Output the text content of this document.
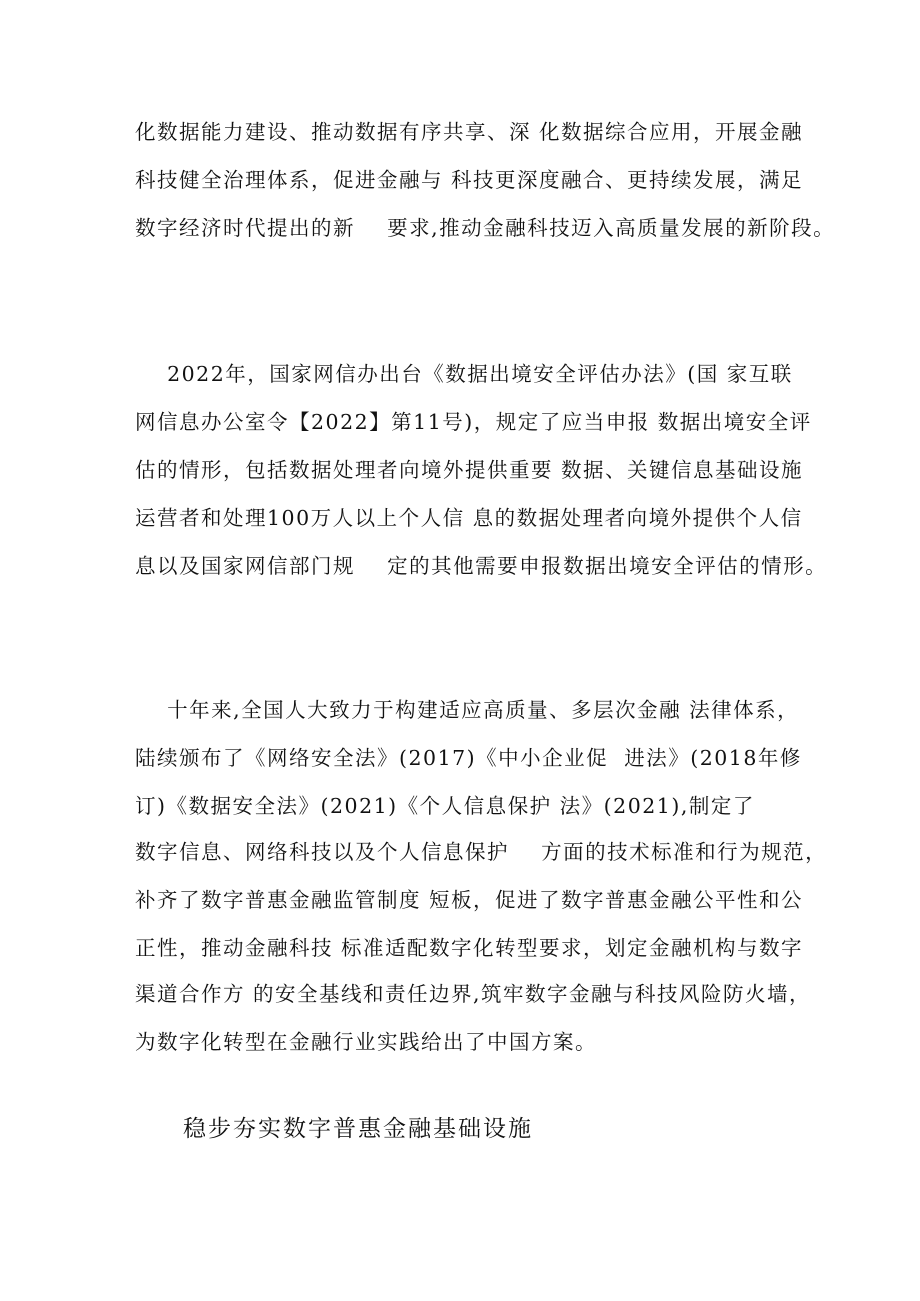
化数据能力建设、推动数据有序共享、深 化数据综合应用，开展金融
科技健全治理体系，促进金融与 科技更深度融合、更持续发展，满足
数字经济时代提出的新    要求,推动金融科技迈入高质量发展的新阶段。
2022年，国家网信办出台《数据出境安全评估办法》(国 家互联
网信息办公室令【2022】第11号)，规定了应当申报 数据出境安全评
估的情形，包括数据处理者向境外提供重要 数据、关键信息基础设施
运营者和处理100万人以上个人信 息的数据处理者向境外提供个人信
息以及国家网信部门规    定的其他需要申报数据出境安全评估的情形。
十年来,全国人大致力于构建适应高质量、多层次金融 法律体系，
陆续颁布了《网络安全法》(2017)《中小企业促  进法》(2018年修
订)《数据安全法》(2021)《个人信息保护 法》(2021),制定了
数字信息、网络科技以及个人信息保护    方面的技术标准和行为规范，
补齐了数字普惠金融监管制度 短板，促进了数字普惠金融公平性和公
正性，推动金融科技 标准适配数字化转型要求，划定金融机构与数字
渠道合作方 的安全基线和责任边界,筑牢数字金融与科技风险防火墙，
为数字化转型在金融行业实践给出了中国方案。
稳步夯实数字普惠金融基础设施
